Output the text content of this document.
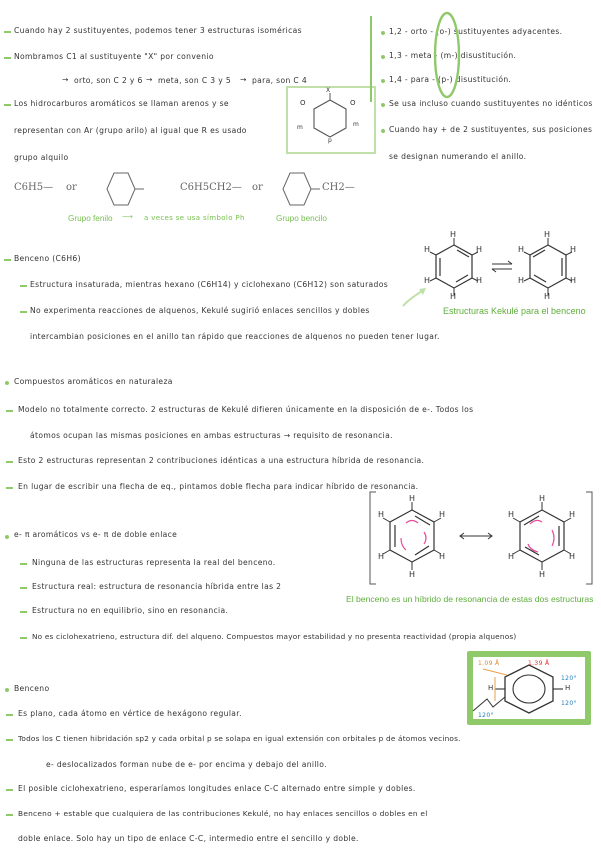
Cuando hay 2 sustituyentes, podemos tener 3 estructuras isoméricas
Nombramos C1 al sustituyente "X" por convenio
→ orto, son C 2 y 6 → meta, son C 3 y 5 → para, son C 4
Los hidrocarburos aromáticos se llaman arenos y se
representan con Ar (grupo arilo) al igual que R es usado
grupo alquilo
X
O	O
m	m
p
1,2 - orto - (o-) sustituyentes adyacentes.
1,3 - meta - (m-) disustitución.
1,4 - para - (p-) disustitución.
Se usa incluso cuando sustituyentes no idénticos
Cuando hay + de 2 sustituyentes, sus posiciones
se designan numerando el anillo.
C6H5— or	C6H5CH2— or	CH2—
Grupo fenilo ⟶ a veces se usa símbolo Ph	Grupo bencilo
Benceno (C6H6)
Estructura insaturada, mientras hexano (C6H14) y ciclohexano (C6H12) son saturados
No experimenta reacciones de alquenos, Kekulé sugirió enlaces sencillos y dobles
intercambian posiciones en el anillo tan rápido que reacciones de alquenos no pueden tener lugar.
H
H	H
H	H
H
H
H	H
H	H
H
Estructuras Kekulé para el benceno
Compuestos aromáticos en naturaleza
Modelo no totalmente correcto. 2 estructuras de Kekulé difieren únicamente en la disposición de e-. Todos los
átomos ocupan las mismas posiciones en ambas estructuras → requisito de resonancia.
Esto 2 estructuras representan 2 contribuciones idénticas a una estructura híbrida de resonancia.
En lugar de escribir una flecha de eq., pintamos doble flecha para indicar híbrido de resonancia.
e- π aromáticos vs e- π de doble enlace
Ninguna de las estructuras representa la real del benceno.
Estructura real: estructura de resonancia híbrida entre las 2
Estructura no en equilibrio, sino en resonancia.
No es ciclohexatrieno, estructura dif. del alqueno. Compuestos mayor estabilidad y no presenta reactividad (propia alquenos)
H
H	H
H	H
H
H
H	H
H	H
H
El benceno es un híbrido de resonancia de estas dos estructuras
1.09 Å	1.39 Å
H	H
120°
120°
120°
Benceno
Es plano, cada átomo en vértice de hexágono regular.
Todos los C tienen hibridación sp2 y cada orbital p se solapa en igual extensión con orbitales p de átomos vecinos.
e- deslocalizados forman nube de e- por encima y debajo del anillo.
El posible ciclohexatrieno, esperaríamos longitudes enlace C-C alternado entre simple y dobles.
Benceno + estable que cualquiera de las contribuciones Kekulé, no hay enlaces sencillos o dobles en el
doble enlace. Solo hay un tipo de enlace C-C, intermedio entre el sencillo y doble.
